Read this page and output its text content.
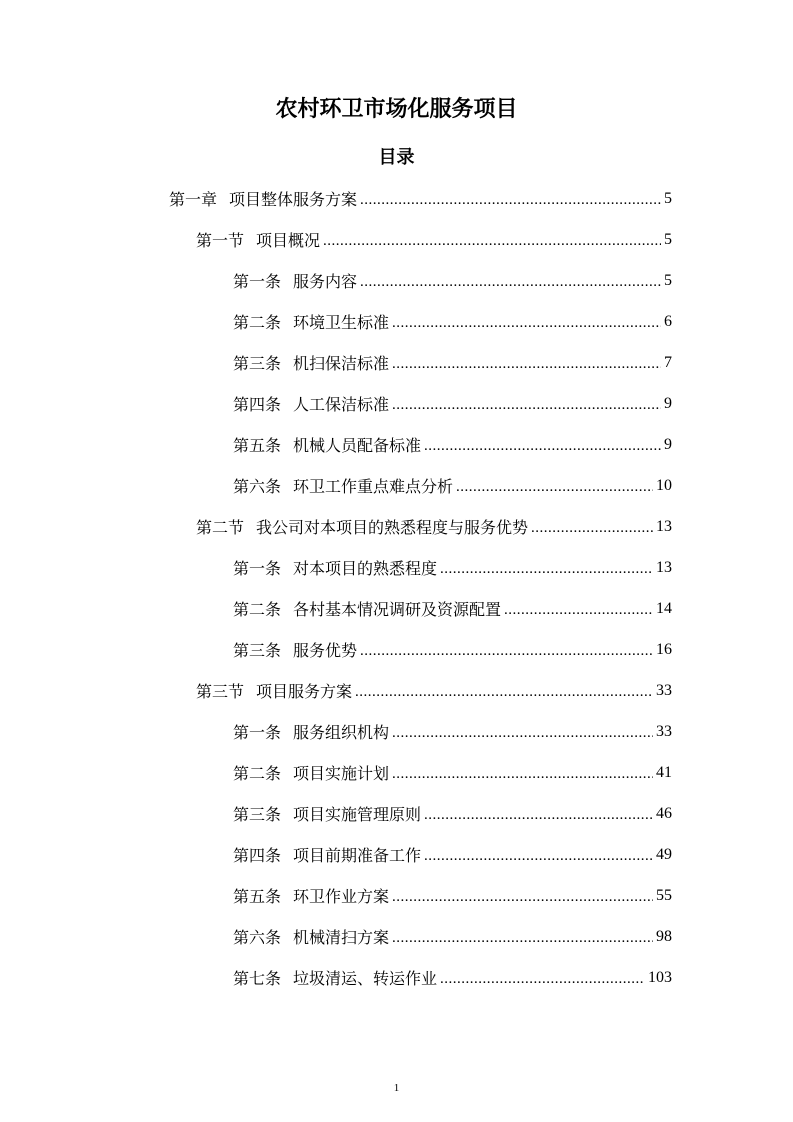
农村环卫市场化服务项目
目录
第一章 项目整体服务方案 .....	5
第一节 项目概况 .....	5
第一条 服务内容 .....	5
第二条 环境卫生标准 .....	6
第三条 机扫保洁标准 .....	7
第四条 人工保洁标准 .....	9
第五条 机械人员配备标准 .....	9
第六条 环卫工作重点难点分析 .....	10
第二节 我公司对本项目的熟悉程度与服务优势 .....	13
第一条 对本项目的熟悉程度 .....	13
第二条 各村基本情况调研及资源配置 .....	14
第三条 服务优势 .....	16
第三节 项目服务方案 .....	33
第一条 服务组织机构 .....	33
第二条 项目实施计划 .....	41
第三条 项目实施管理原则 .....	46
第四条 项目前期准备工作 .....	49
第五条 环卫作业方案 .....	55
第六条 机械清扫方案 .....	98
第七条 垃圾清运、转运作业 .....	103
1
